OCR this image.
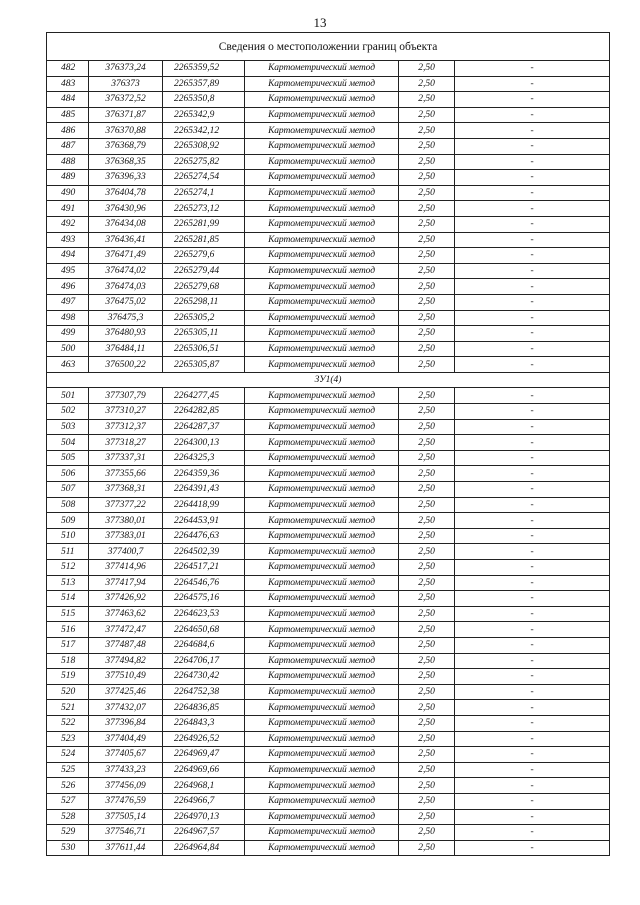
13
Сведения о местоположении границ объекта					
482	376373,24	2265359,52	Картометрический метод	2,50	-
483	376373	2265357,89	Картометрический метод	2,50	-
484	376372,52	2265350,8	Картометрический метод	2,50	-
485	376371,87	2265342,9	Картометрический метод	2,50	-
486	376370,88	2265342,12	Картометрический метод	2,50	-
487	376368,79	2265308,92	Картометрический метод	2,50	-
488	376368,35	2265275,82	Картометрический метод	2,50	-
489	376396,33	2265274,54	Картометрический метод	2,50	-
490	376404,78	2265274,1	Картометрический метод	2,50	-
491	376430,96	2265273,12	Картометрический метод	2,50	-
492	376434,08	2265281,99	Картометрический метод	2,50	-
493	376436,41	2265281,85	Картометрический метод	2,50	-
494	376471,49	2265279,6	Картометрический метод	2,50	-
495	376474,02	2265279,44	Картометрический метод	2,50	-
496	376474,03	2265279,68	Картометрический метод	2,50	-
497	376475,02	2265298,11	Картометрический метод	2,50	-
498	376475,3	2265305,2	Картометрический метод	2,50	-
499	376480,93	2265305,11	Картометрический метод	2,50	-
500	376484,11	2265306,51	Картометрический метод	2,50	-
463	376500,22	2265305,87	Картометрический метод	2,50	-
ЗУ1(4)					
501	377307,79	2264277,45	Картометрический метод	2,50	-
502	377310,27	2264282,85	Картометрический метод	2,50	-
503	377312,37	2264287,37	Картометрический метод	2,50	-
504	377318,27	2264300,13	Картометрический метод	2,50	-
505	377337,31	2264325,3	Картометрический метод	2,50	-
506	377355,66	2264359,36	Картометрический метод	2,50	-
507	377368,31	2264391,43	Картометрический метод	2,50	-
508	377377,22	2264418,99	Картометрический метод	2,50	-
509	377380,01	2264453,91	Картометрический метод	2,50	-
510	377383,01	2264476,63	Картометрический метод	2,50	-
511	377400,7	2264502,39	Картометрический метод	2,50	-
512	377414,96	2264517,21	Картометрический метод	2,50	-
513	377417,94	2264546,76	Картометрический метод	2,50	-
514	377426,92	2264575,16	Картометрический метод	2,50	-
515	377463,62	2264623,53	Картометрический метод	2,50	-
516	377472,47	2264650,68	Картометрический метод	2,50	-
517	377487,48	2264684,6	Картометрический метод	2,50	-
518	377494,82	2264706,17	Картометрический метод	2,50	-
519	377510,49	2264730,42	Картометрический метод	2,50	-
520	377425,46	2264752,38	Картометрический метод	2,50	-
521	377432,07	2264836,85	Картометрический метод	2,50	-
522	377396,84	2264843,3	Картометрический метод	2,50	-
523	377404,49	2264926,52	Картометрический метод	2,50	-
524	377405,67	2264969,47	Картометрический метод	2,50	-
525	377433,23	2264969,66	Картометрический метод	2,50	-
526	377456,09	2264968,1	Картометрический метод	2,50	-
527	377476,59	2264966,7	Картометрический метод	2,50	-
528	377505,14	2264970,13	Картометрический метод	2,50	-
529	377546,71	2264967,57	Картометрический метод	2,50	-
530	377611,44	2264964,84	Картометрический метод	2,50	-
